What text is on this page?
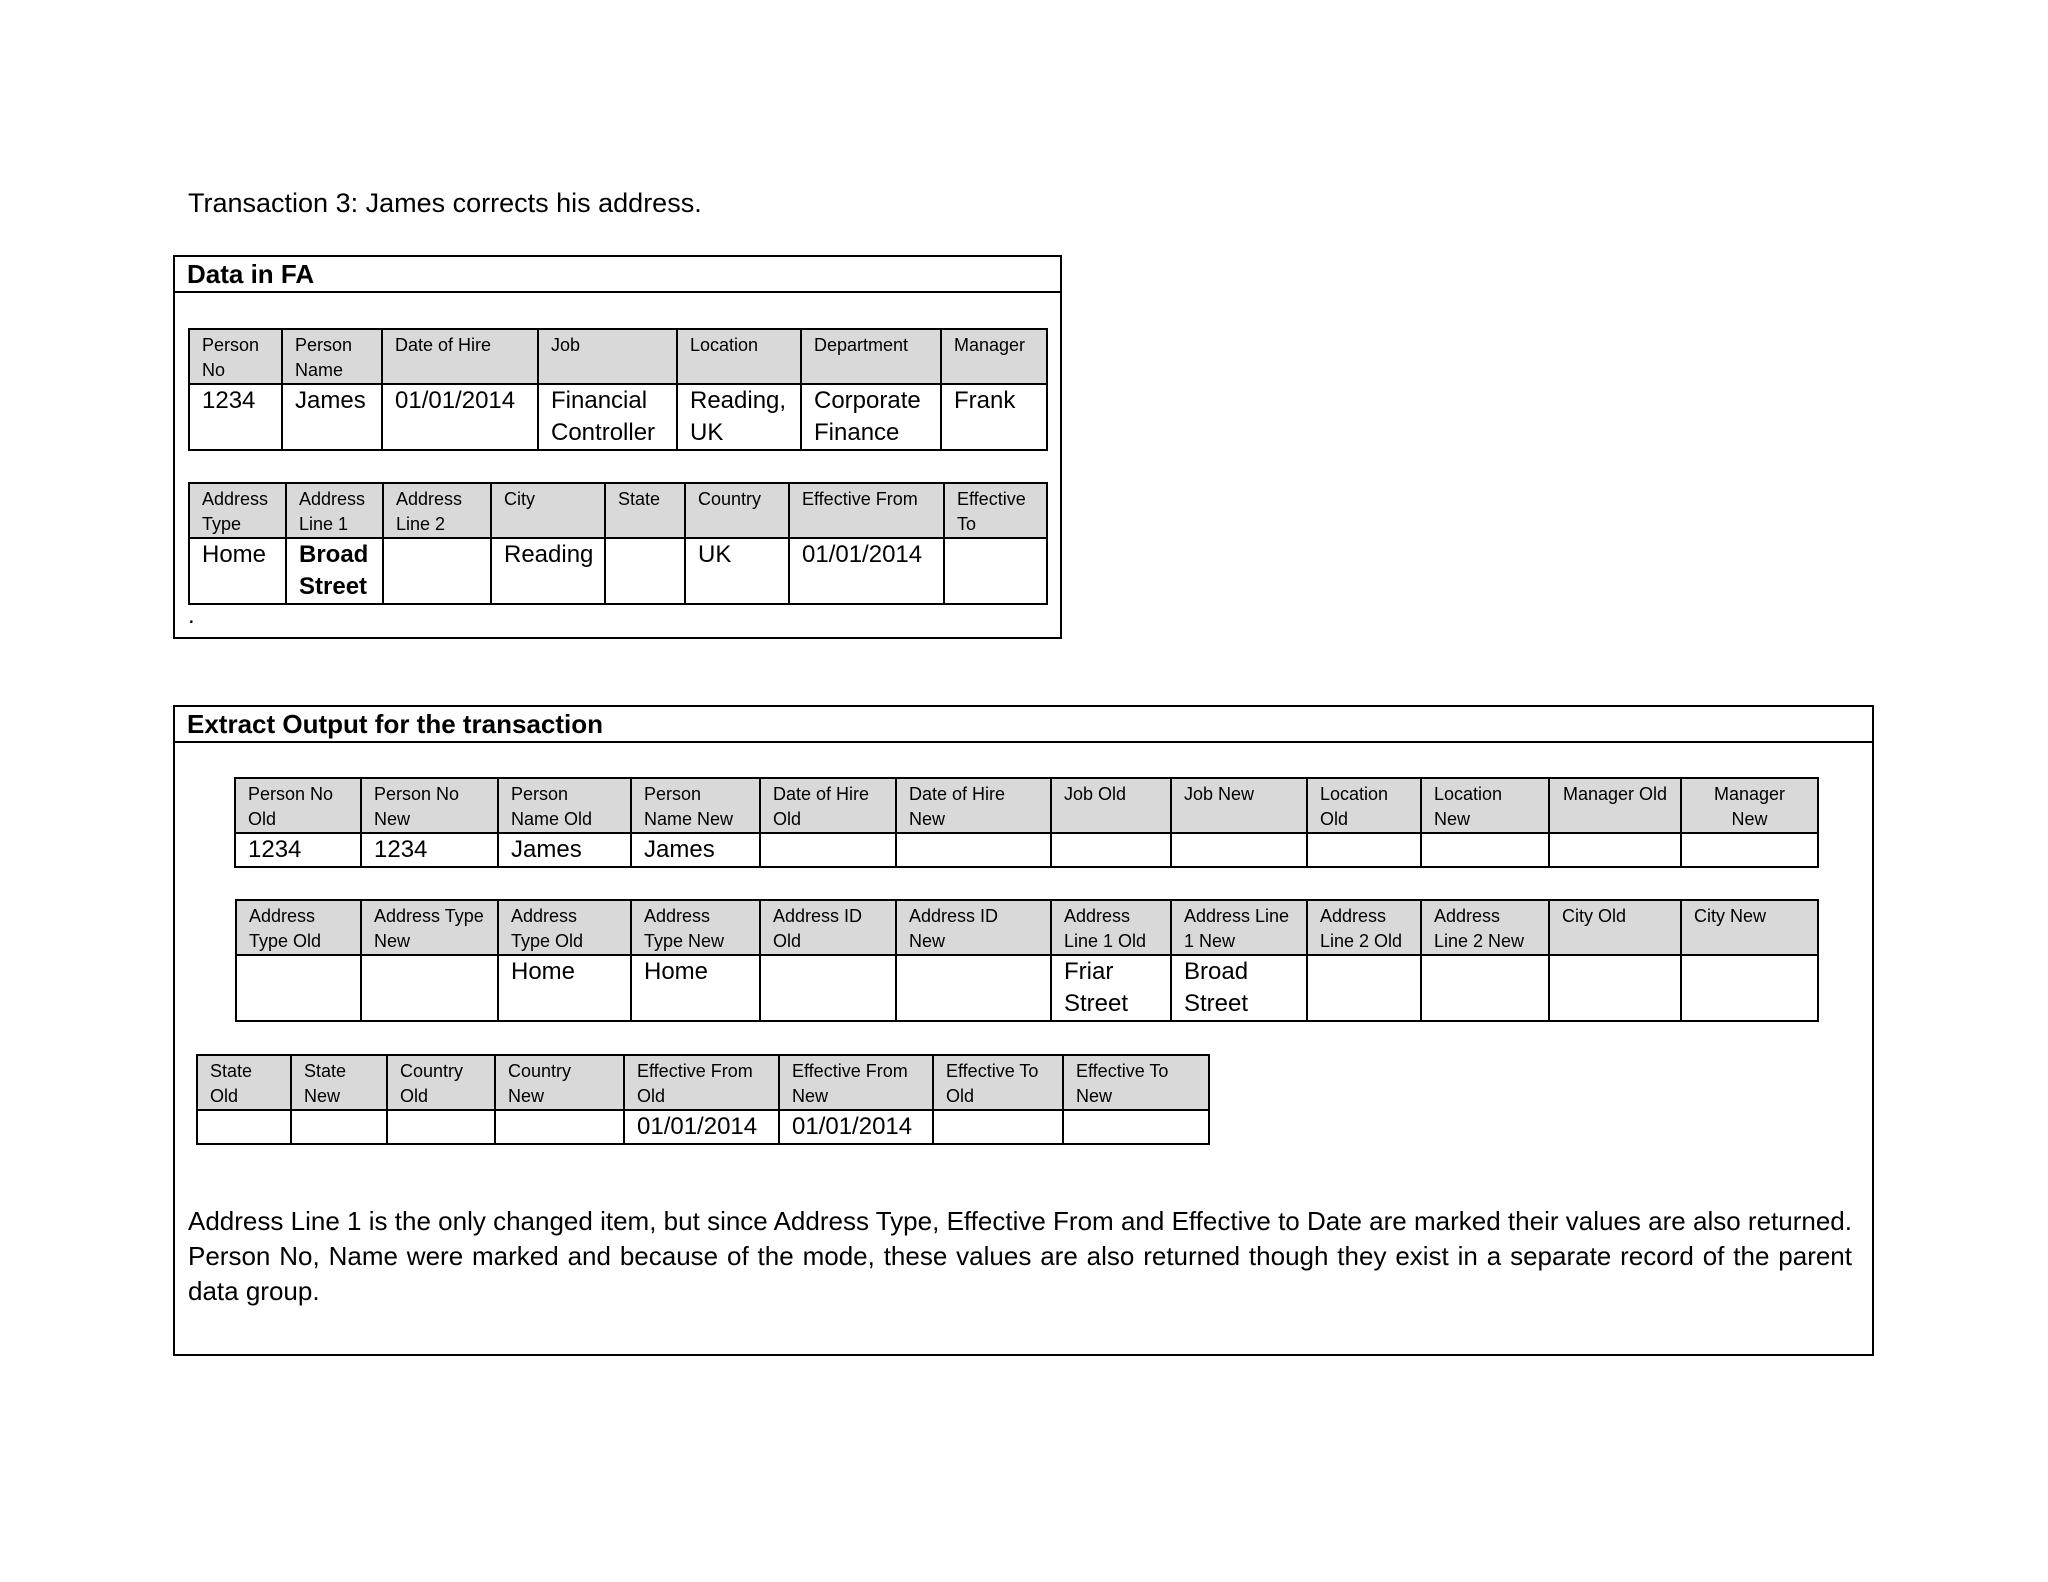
Transaction 3: James corrects his address.
Data in FA
Person No	Person Name	Date of Hire	Job	Location	Department	Manager
1234	James	01/01/2014	Financial Controller	Reading, UK	Corporate Finance	Frank
Address Type	Address Line 1	Address Line 2	City	State	Country	Effective From	Effective To
Home	Broad Street		Reading		UK	01/01/2014	
.
Extract Output for the transaction
Person No Old	Person No New	Person Name Old	Person Name New	Date of Hire Old	Date of Hire New	Job Old	Job New	Location Old	Location New	Manager Old	Manager New
1234	1234	James	James								
Address Type Old	Address Type New	Address Type Old	Address Type New	Address ID Old	Address ID New	Address Line 1 Old	Address Line 1 New	Address Line 2 Old	Address Line 2 New	City Old	City New
		Home	Home			Friar Street	Broad Street				
State Old	State New	Country Old	Country New	Effective From Old	Effective From New	Effective To Old	Effective To New
				01/01/2014	01/01/2014		
Address Line 1 is the only changed item, but since Address Type, Effective From and Effective to Date are marked their values are also returned. Person No, Name were marked and because of the mode, these values are also returned though they exist in a separate record of the parent data group.
